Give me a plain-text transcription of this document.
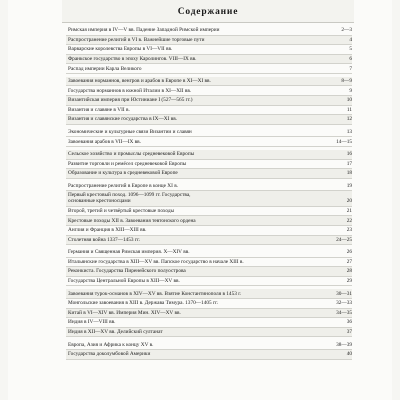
Содержание
Римская империя в IV—V вв. Падение Западной Римской империи	2—3
Распространение религий в VI в. Важнейшие торговые пути	4
Варварские королевства Европы в VI—VII вв.	5
Франкское государство в эпоху Каролингов. VIII—IX вв.	6
Распад империи Карла Великого	7
Завоевания норманнов, венгров и арабов в Европе в XI—XI вв.	8—9
Государства норманнов в южной Италии в XI—XII вв.	9
Византийская империя при Юстиниане I (527—565 гг.)	10
Византия и славяне в VII в.	11
Византия и славянские государства в IX—XI вв.	12
Экономические и культурные связи Византии и славян	13
Завоевания арабов в VII—IX вв.	14—15
Сельское хозяйство и промыслы средневековой Европы	16
Развитие торговли и ремёсел средневековой Европы	17
Образование и культура в средневековой Европе	18
Распространение религий в Европе в конце XI в.	19
Первый крестовый поход. 1096—1099 гг. Государства,
основанные крестоносцами	20
Второй, третий и четвёртый крестовые походы	21
Крестовые походы XII в. Завоевания тевтонского ордена	22
Англия и Франция в XIII—XIII вв.	23
Столетняя война 1337—1453 гг.	24—25
Германия и Священная Римская империя. X—XIV вв.	26
Итальянские государства в XIII—XV вв. Папское государство в начале XIII в.	27
Реконкиста. Государства Пиренейского полуострова	28
Государства Центральной Европы в XIII—XV вв.	29
Завоевания турок-османов в XIV—XV вв. Взятие Константинополя в 1453 г.	30—31
Монгольские завоевания в XIII в. Держава Тимура. 1370—1405 гг.	32—33
Китай в VI—XIV вв. Империя Мин. XIV—XV вв.	34—35
Индия в IV—VIII вв.	36
Индия в XII—XV вв. Делийский султанат	37
Европа, Азия и Африка к концу XV в.	38—39
Государства доколумбовой Америки	40
